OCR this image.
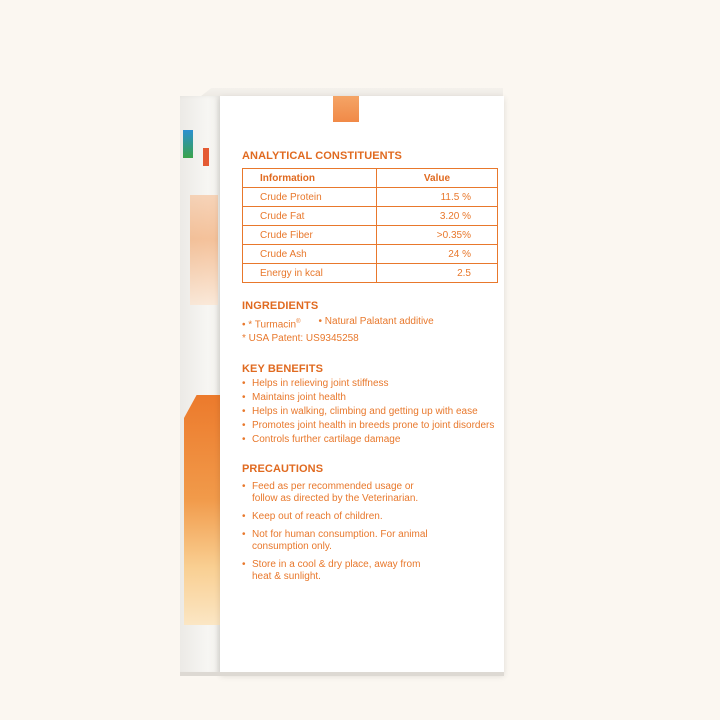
ANALYTICAL CONSTITUENTS
Information	Value
Crude Protein	11.5 %
Crude Fat	3.20 %
Crude Fiber	>0.35%
Crude Ash	24 %
Energy in kcal	2.5
INGREDIENTS
• * Turmacin® • Natural Palatant additive

* USA Patent: US9345258

KEY BENEFITS
• Helps in relieving joint stiffness
• Maintains joint health
• Helps in walking, climbing and getting up with ease
• Promotes joint health in breeds prone to joint disorders
• Controls further cartilage damage
PRECAUTIONS
• Feed as per recommended usage or follow as directed by the Veterinarian.
• Keep out of reach of children.
• Not for human consumption. For animal consumption only.
• Store in a cool & dry place, away from heat & sunlight.
